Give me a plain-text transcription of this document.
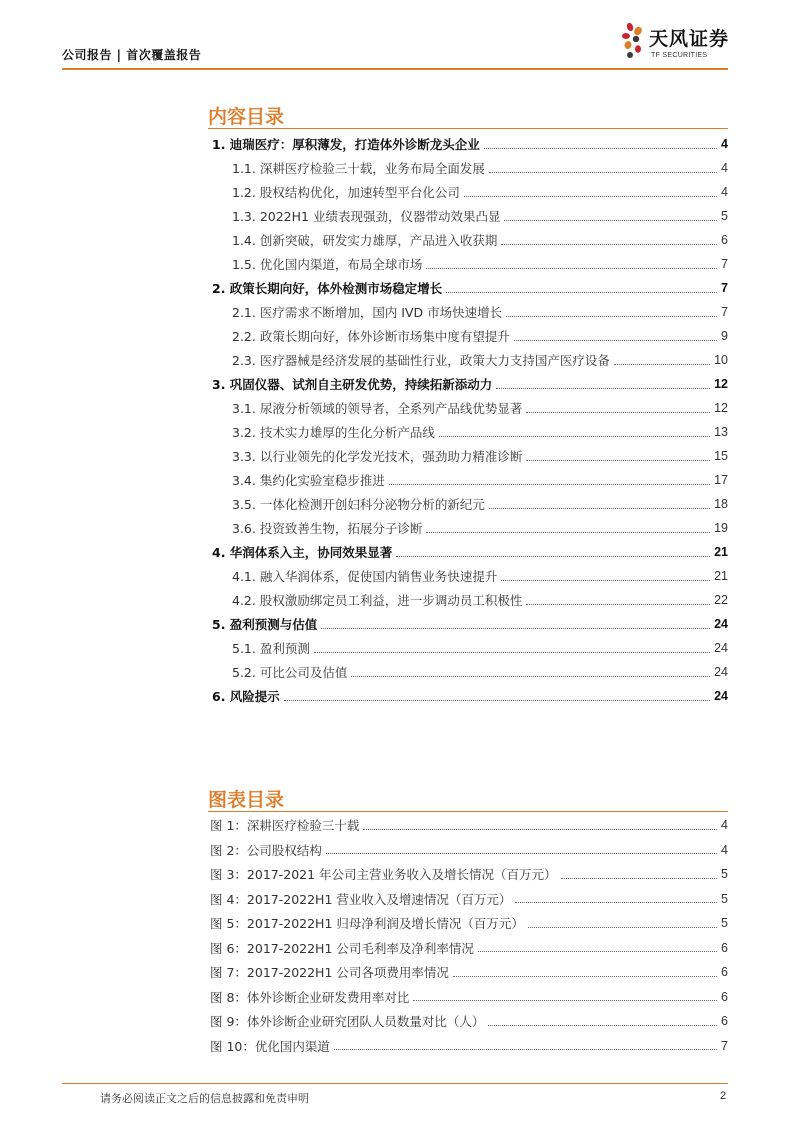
公司报告 | 首次覆盖报告
天风证券
TF SECURITIES
内容目录
1. 迪瑞医疗：厚积薄发，打造体外诊断龙头企业	4
1.1. 深耕医疗检验三十载，业务布局全面发展	4
1.2. 股权结构优化，加速转型平台化公司	4
1.3. 2022H1 业绩表现强劲，仪器带动效果凸显	5
1.4. 创新突破，研发实力雄厚，产品进入收获期	6
1.5. 优化国内渠道，布局全球市场	7
2. 政策长期向好，体外检测市场稳定增长	7
2.1. 医疗需求不断增加，国内 IVD 市场快速增长	7
2.2. 政策长期向好，体外诊断市场集中度有望提升	9
2.3. 医疗器械是经济发展的基础性行业，政策大力支持国产医疗设备	10
3. 巩固仪器、试剂自主研发优势，持续拓新添动力	12
3.1. 尿液分析领域的领导者，全系列产品线优势显著	12
3.2. 技术实力雄厚的生化分析产品线	13
3.3. 以行业领先的化学发光技术，强劲助力精准诊断	15
3.4. 集约化实验室稳步推进	17
3.5. 一体化检测开创妇科分泌物分析的新纪元	18
3.6. 投资致善生物，拓展分子诊断	19
4. 华润体系入主，协同效果显著	21
4.1. 融入华润体系，促使国内销售业务快速提升	21
4.2. 股权激励绑定员工利益，进一步调动员工积极性	22
5. 盈利预测与估值	24
5.1. 盈利预测	24
5.2. 可比公司及估值	24
6. 风险提示	24
图表目录
图 1：深耕医疗检验三十载	4
图 2：公司股权结构	4
图 3：2017-2021 年公司主营业务收入及增长情况（百万元）	5
图 4：2017-2022H1 营业收入及增速情况（百万元）	5
图 5：2017-2022H1 归母净利润及增长情况（百万元）	5
图 6：2017-2022H1 公司毛利率及净利率情况	6
图 7：2017-2022H1 公司各项费用率情况	6
图 8：体外诊断企业研发费用率对比	6
图 9：体外诊断企业研究团队人员数量对比（人）	6
图 10：优化国内渠道	7
请务必阅读正文之后的信息披露和免责申明	2
